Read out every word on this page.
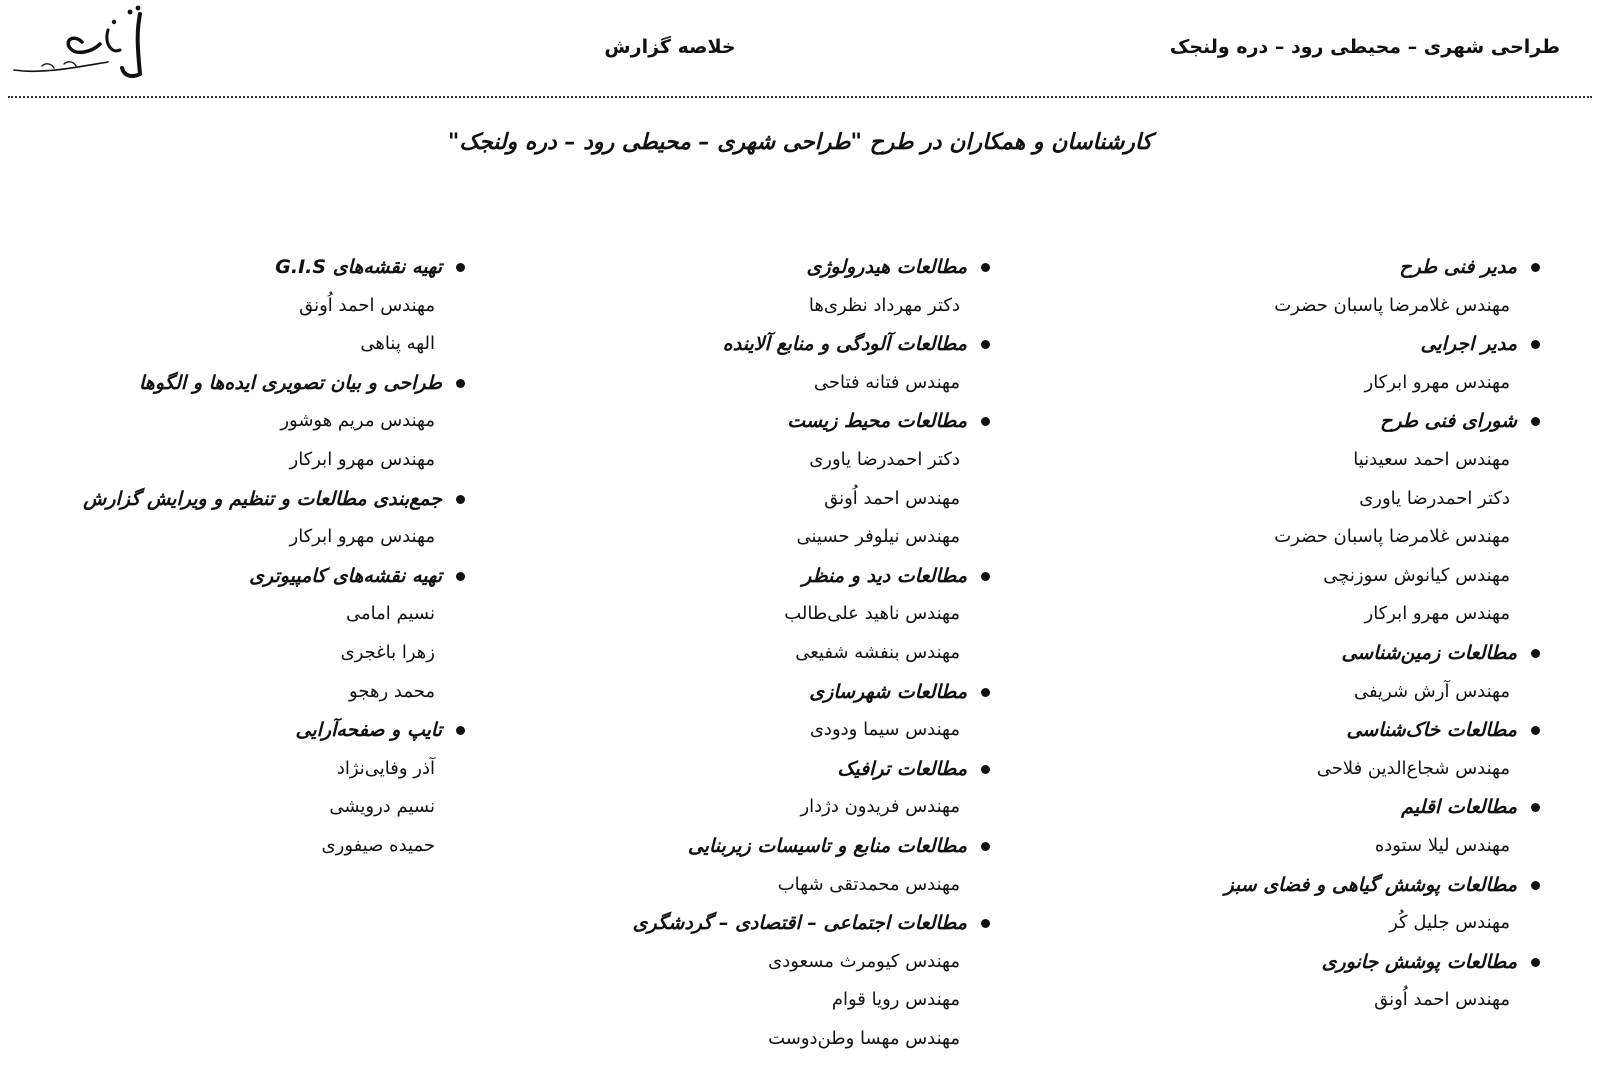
طراحی شهری – محیطی رود – دره ولنجک
خلاصه گزارش
کارشناسان و همکاران در طرح "طراحی شهری – محیطی رود – دره ولنجک"
مدیر فنی طرح
مهندس غلامرضا پاسبان حضرت
مدیر اجرایی
مهندس مهرو ابرکار
شورای فنی طرح
مهندس احمد سعیدنیا
دکتر احمدرضا یاوری
مهندس غلامرضا پاسبان حضرت
مهندس کیانوش سوزنچی
مهندس مهرو ابرکار
مطالعات زمین‌شناسی
مهندس آرش شریفی
مطالعات خاک‌شناسی
مهندس شجاع‌الدین فلاحی
مطالعات اقلیم
مهندس لیلا ستوده
مطالعات پوشش گیاهی و فضای سبز
مهندس جلیل کُر
مطالعات پوشش جانوری
مهندس احمد اُونق
مطالعات هیدرولوژی
دکتر مهرداد نظری‌ها
مطالعات آلودگی و منابع آلاینده
مهندس فتانه فتاحی
مطالعات محیط زیست
دکتر احمدرضا یاوری
مهندس احمد اُونق
مهندس نیلوفر حسینی
مطالعات دید و منظر
مهندس ناهید علی‌طالب
مهندس بنفشه شفیعی
مطالعات شهرسازی
مهندس سیما ودودی
مطالعات ترافیک
مهندس فریدون دژدار
مطالعات منابع و تاسیسات زیربنایی
مهندس محمدتقی شهاب
مطالعات اجتماعی – اقتصادی – گردشگری
مهندس کیومرث مسعودی
مهندس رویا قوام
مهندس مهسا وطن‌دوست
تهیه نقشه‌های G.I.S
مهندس احمد اُونق
الهه پناهی
طراحی و بیان تصویری ایده‌ها و الگوها
مهندس مریم هوشور
مهندس مهرو ابرکار
جمع‌بندی مطالعات و تنظیم و ویرایش گزارش
مهندس مهرو ابرکار
تهیه نقشه‌های کامپیوتری
نسیم امامی
زهرا باغجری
محمد رهجو
تایپ و صفحه‌آرایی
آذر وفایی‌نژاد
نسیم درویشی
حمیده صیفوری
